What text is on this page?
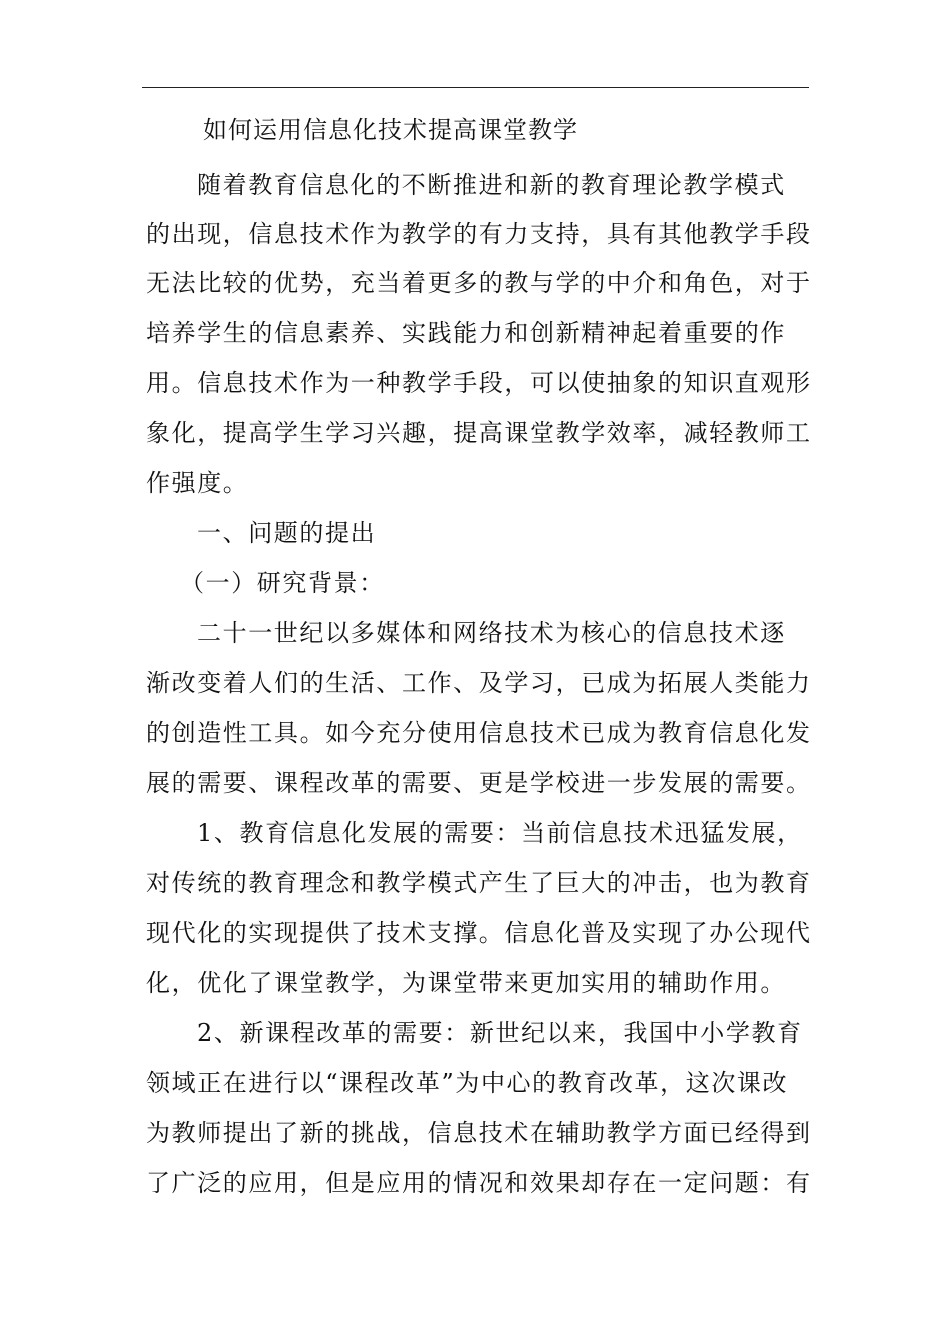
如何运用信息化技术提高课堂教学
随着教育信息化的不断推进和新的教育理论教学模式
的出现，信息技术作为教学的有力支持，具有其他教学手段
无法比较的优势，充当着更多的教与学的中介和角色，对于
培养学生的信息素养、实践能力和创新精神起着重要的作
用。信息技术作为一种教学手段，可以使抽象的知识直观形
象化，提高学生学习兴趣，提高课堂教学效率，减轻教师工
作强度。
一、问题的提出
（一）研究背景：
二十一世纪以多媒体和网络技术为核心的信息技术逐
渐改变着人们的生活、工作、及学习，已成为拓展人类能力
的创造性工具。如今充分使用信息技术已成为教育信息化发
展的需要、课程改革的需要、更是学校进一步发展的需要。
1、教育信息化发展的需要：当前信息技术迅猛发展，
对传统的教育理念和教学模式产生了巨大的冲击，也为教育
现代化的实现提供了技术支撑。信息化普及实现了办公现代
化，优化了课堂教学，为课堂带来更加实用的辅助作用。
2、新课程改革的需要：新世纪以来，我国中小学教育
领域正在进行以“课程改革”为中心的教育改革，这次课改
为教师提出了新的挑战，信息技术在辅助教学方面已经得到
了广泛的应用，但是应用的情况和效果却存在一定问题：有
